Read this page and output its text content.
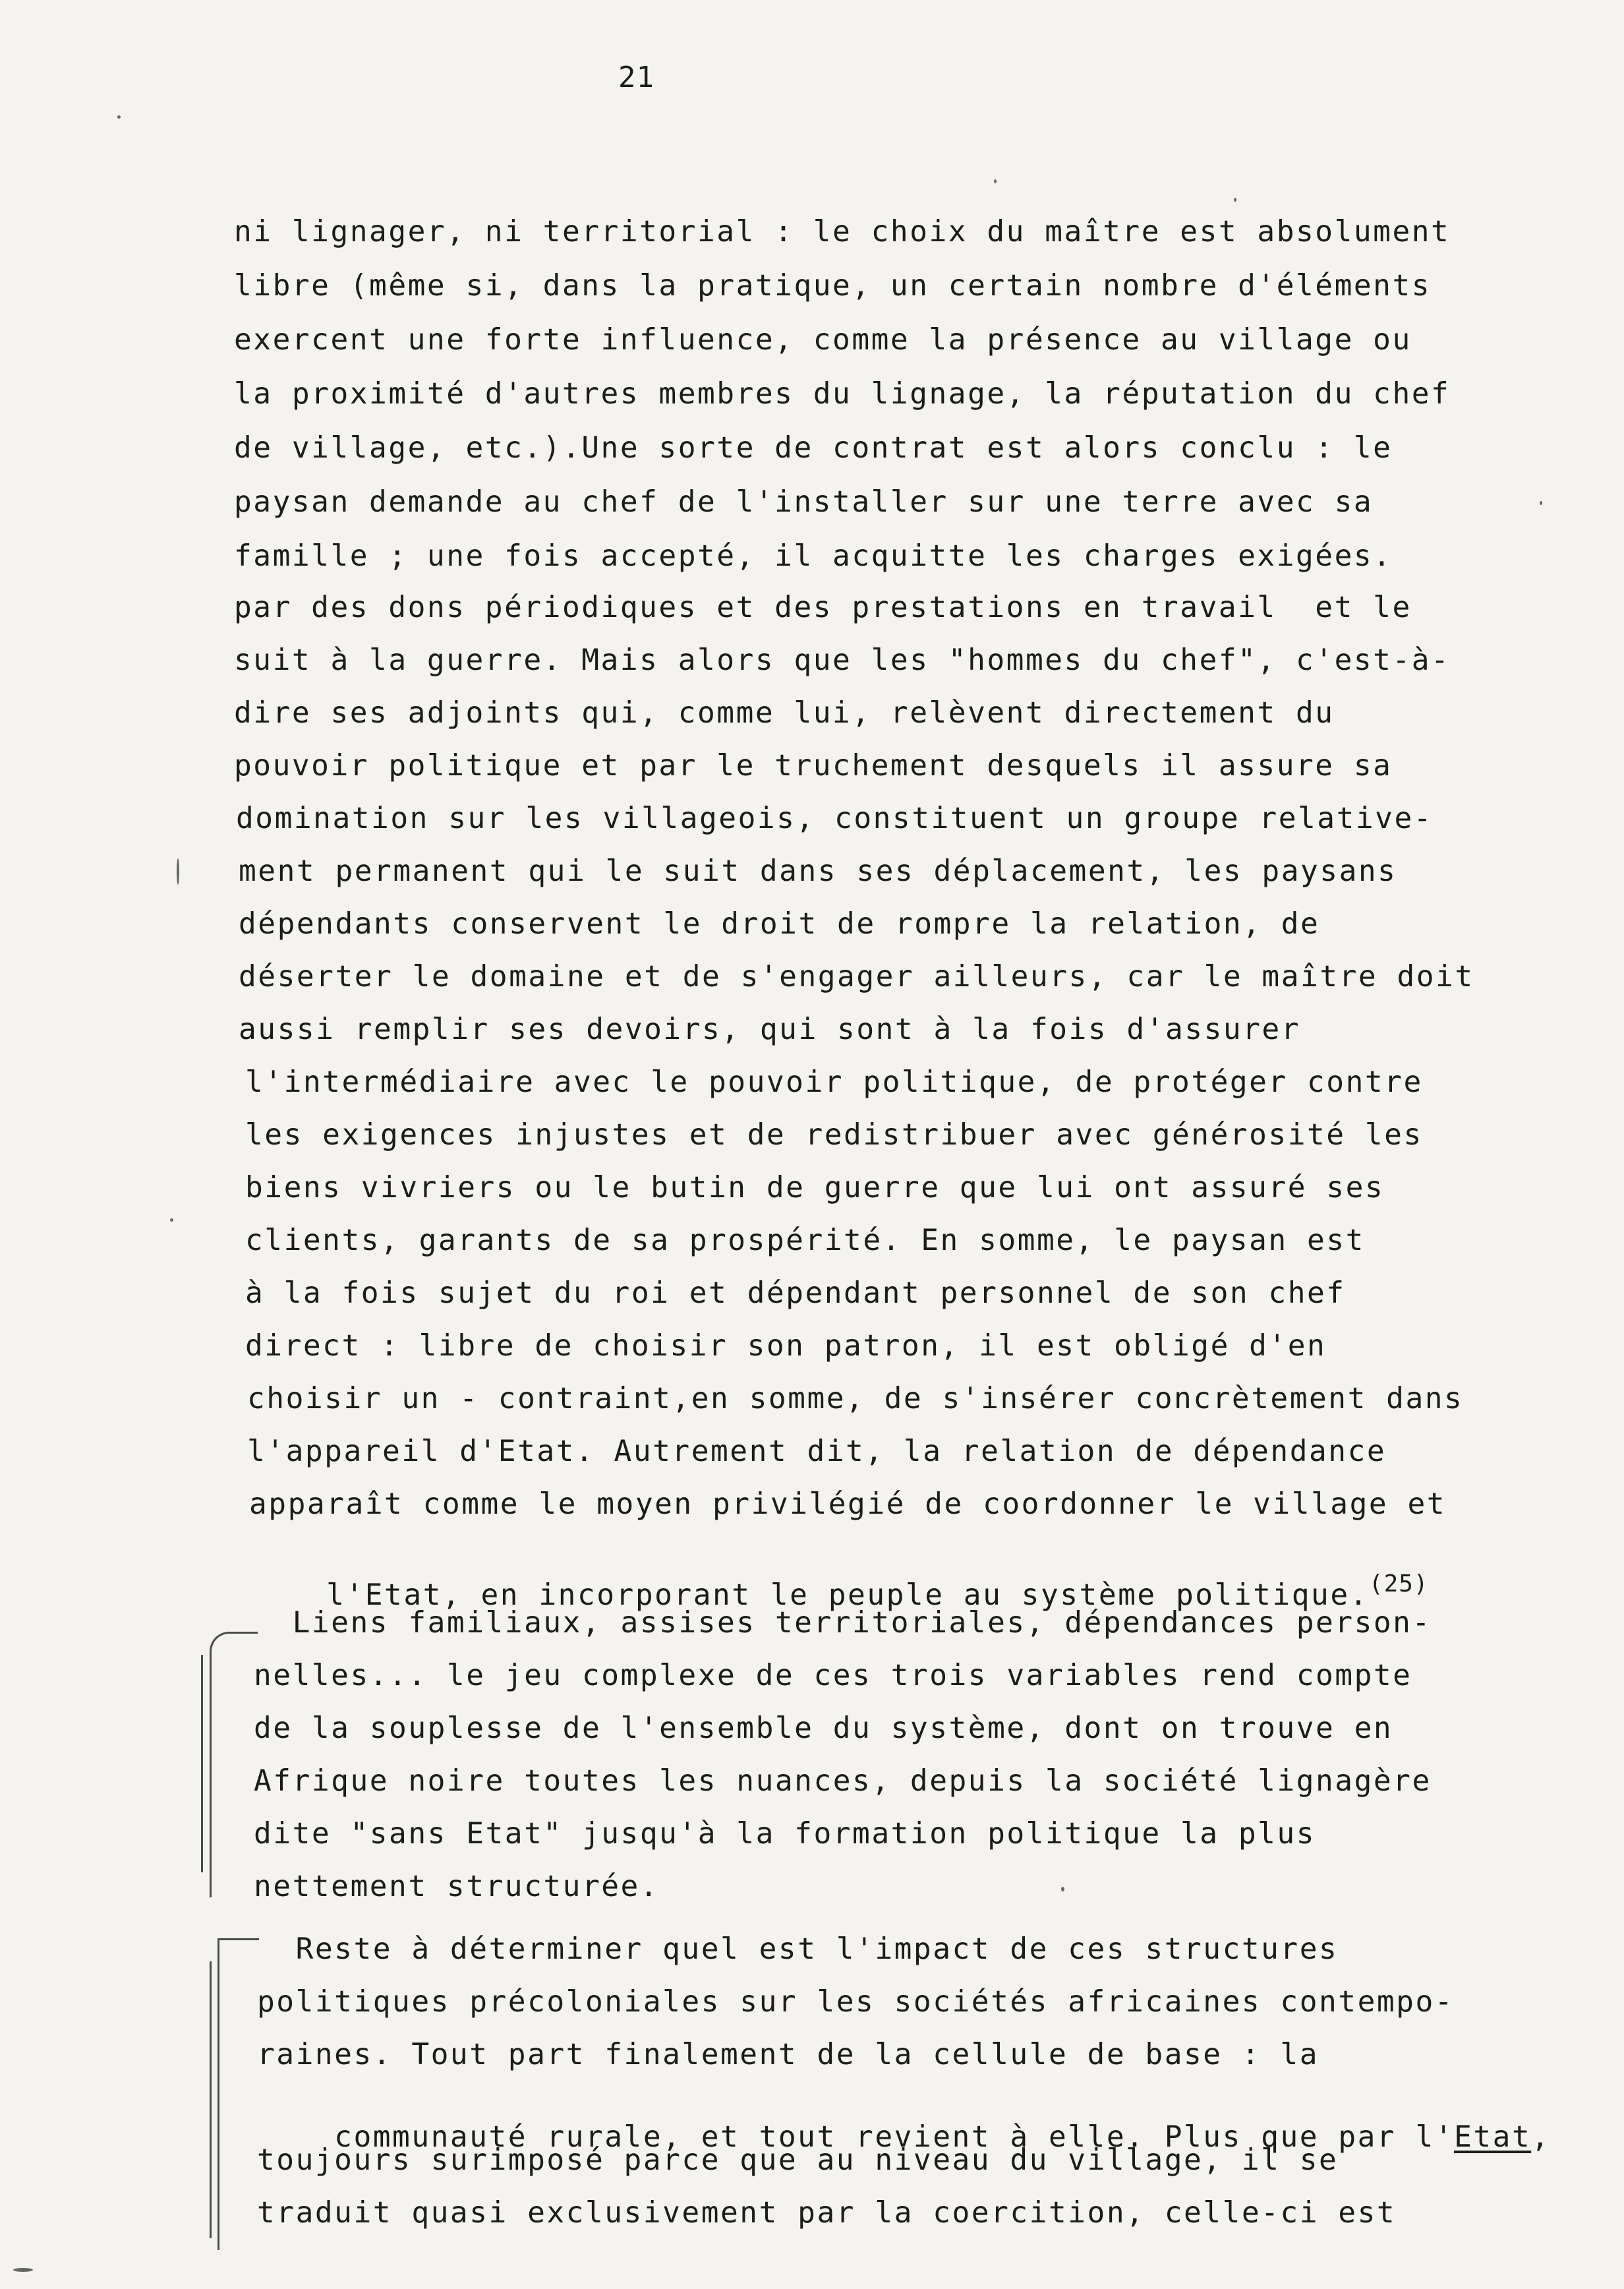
21
ni lignager, ni territorial : le choix du maître est absolument
libre (même si, dans la pratique, un certain nombre d'éléments
exercent une forte influence, comme la présence au village ou
la proximité d'autres membres du lignage, la réputation du chef
de village, etc.).Une sorte de contrat est alors conclu : le
paysan demande au chef de l'installer sur une terre avec sa
famille ; une fois accepté, il acquitte les charges exigées.
par des dons périodiques et des prestations en travail  et le
suit à la guerre. Mais alors que les "hommes du chef", c'est-à-
dire ses adjoints qui, comme lui, relèvent directement du
pouvoir politique et par le truchement desquels il assure sa
domination sur les villageois, constituent un groupe relative-
ment permanent qui le suit dans ses déplacement, les paysans
dépendants conservent le droit de rompre la relation, de
déserter le domaine et de s'engager ailleurs, car le maître doit
aussi remplir ses devoirs, qui sont à la fois d'assurer
l'intermédiaire avec le pouvoir politique, de protéger contre
les exigences injustes et de redistribuer avec générosité les
biens vivriers ou le butin de guerre que lui ont assuré ses
clients, garants de sa prospérité. En somme, le paysan est
à la fois sujet du roi et dépendant personnel de son chef
direct : libre de choisir son patron, il est obligé d'en
choisir un - contraint,en somme, de s'insérer concrètement dans
l'appareil d'Etat. Autrement dit, la relation de dépendance
apparaît comme le moyen privilégié de coordonner le village et

l'Etat, en incorporant le peuple au système politique.$^{(25)}$

Liens familiaux, assises territoriales, dépendances person-
nelles... le jeu complexe de ces trois variables rend compte
de la souplesse de l'ensemble du système, dont on trouve en
Afrique noire toutes les nuances, depuis la société lignagère
dite "sans Etat" jusqu'à la formation politique la plus
nettement structurée.
Reste à déterminer quel est l'impact de ces structures
politiques précoloniales sur les sociétés africaines contempo-
raines. Tout part finalement de la cellule de base : la

communauté rurale, et tout revient à elle. Plus que par l'Etat,

toujours surimposé parce que au niveau du village, il se
traduit quasi exclusivement par la coercition, celle-ci est
